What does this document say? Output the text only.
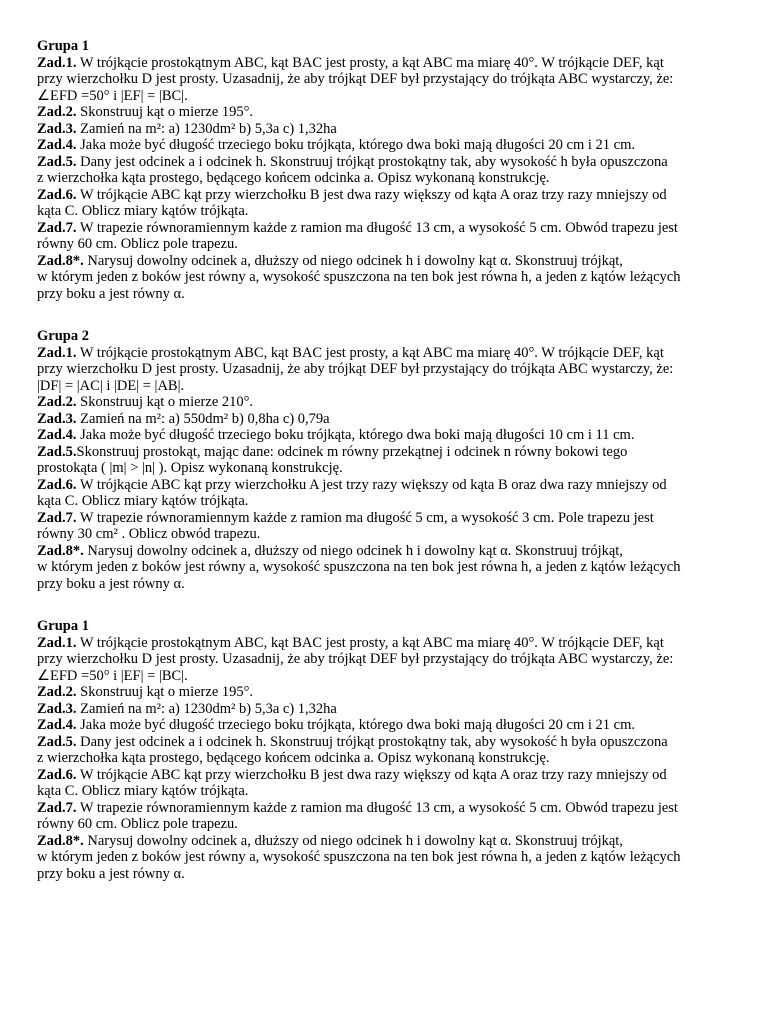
Grupa 1
Zad.1. W trójkącie prostokątnym ABC, kąt BAC jest prosty, a kąt ABC ma miarę 40°. W trójkącie DEF, kąt
przy wierzchołku D jest prosty. Uzasadnij, że aby trójkąt DEF był przystający do trójkąta ABC wystarczy, że:
∠EFD =50° i |EF| = |BC|.
Zad.2. Skonstruuj kąt o mierze 195°.
Zad.3. Zamień na m²: a) 1230dm² b) 5,3a c) 1,32ha
Zad.4. Jaka może być długość trzeciego boku trójkąta, którego dwa boki mają długości 20 cm i 21 cm.
Zad.5. Dany jest odcinek a i odcinek h. Skonstruuj trójkąt prostokątny tak, aby wysokość h była opuszczona
z wierzchołka kąta prostego, będącego końcem odcinka a. Opisz wykonaną konstrukcję.
Zad.6. W trójkącie ABC kąt przy wierzchołku B jest dwa razy większy od kąta A oraz trzy razy mniejszy od
kąta C. Oblicz miary kątów trójkąta.
Zad.7. W trapezie równoramiennym każde z ramion ma długość 13 cm, a wysokość 5 cm. Obwód trapezu jest
równy 60 cm. Oblicz pole trapezu.
Zad.8*. Narysuj dowolny odcinek a, dłuższy od niego odcinek h i dowolny kąt α. Skonstruuj trójkąt,
w którym jeden z boków jest równy a, wysokość spuszczona na ten bok jest równa h, a jeden z kątów leżących
przy boku a jest równy α.
Grupa 2
Zad.1. W trójkącie prostokątnym ABC, kąt BAC jest prosty, a kąt ABC ma miarę 40°. W trójkącie DEF, kąt
przy wierzchołku D jest prosty. Uzasadnij, że aby trójkąt DEF był przystający do trójkąta ABC wystarczy, że:
|DF| = |AC| i |DE| = |AB|.
Zad.2. Skonstruuj kąt o mierze 210°.
Zad.3. Zamień na m²: a) 550dm² b) 0,8ha c) 0,79a
Zad.4. Jaka może być długość trzeciego boku trójkąta, którego dwa boki mają długości 10 cm i 11 cm.
Zad.5.Skonstruuj prostokąt, mając dane: odcinek m równy przekątnej i odcinek n równy bokowi tego
prostokąta ( |m| > |n| ). Opisz wykonaną konstrukcję.
Zad.6. W trójkącie ABC kąt przy wierzchołku A jest trzy razy większy od kąta B oraz dwa razy mniejszy od
kąta C. Oblicz miary kątów trójkąta.
Zad.7. W trapezie równoramiennym każde z ramion ma długość 5 cm, a wysokość 3 cm. Pole trapezu jest
równy 30 cm² . Oblicz obwód trapezu.
Zad.8*. Narysuj dowolny odcinek a, dłuższy od niego odcinek h i dowolny kąt α. Skonstruuj trójkąt,
w którym jeden z boków jest równy a, wysokość spuszczona na ten bok jest równa h, a jeden z kątów leżących
przy boku a jest równy α.
Grupa 1
Zad.1. W trójkącie prostokątnym ABC, kąt BAC jest prosty, a kąt ABC ma miarę 40°. W trójkącie DEF, kąt
przy wierzchołku D jest prosty. Uzasadnij, że aby trójkąt DEF był przystający do trójkąta ABC wystarczy, że:
∠EFD =50° i |EF| = |BC|.
Zad.2. Skonstruuj kąt o mierze 195°.
Zad.3. Zamień na m²: a) 1230dm² b) 5,3a c) 1,32ha
Zad.4. Jaka może być długość trzeciego boku trójkąta, którego dwa boki mają długości 20 cm i 21 cm.
Zad.5. Dany jest odcinek a i odcinek h. Skonstruuj trójkąt prostokątny tak, aby wysokość h była opuszczona
z wierzchołka kąta prostego, będącego końcem odcinka a. Opisz wykonaną konstrukcję.
Zad.6. W trójkącie ABC kąt przy wierzchołku B jest dwa razy większy od kąta A oraz trzy razy mniejszy od
kąta C. Oblicz miary kątów trójkąta.
Zad.7. W trapezie równoramiennym każde z ramion ma długość 13 cm, a wysokość 5 cm. Obwód trapezu jest
równy 60 cm. Oblicz pole trapezu.
Zad.8*. Narysuj dowolny odcinek a, dłuższy od niego odcinek h i dowolny kąt α. Skonstruuj trójkąt,
w którym jeden z boków jest równy a, wysokość spuszczona na ten bok jest równa h, a jeden z kątów leżących
przy boku a jest równy α.
